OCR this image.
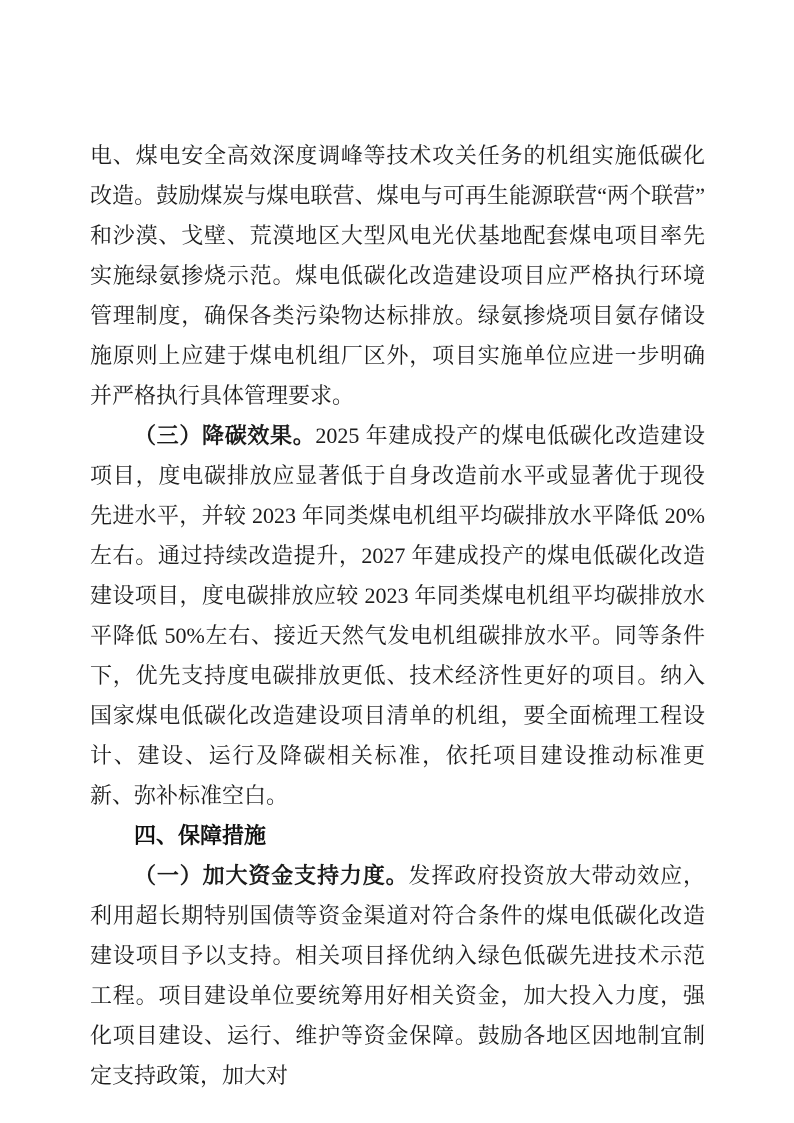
电、煤电安全高效深度调峰等技术攻关任务的机组实施低碳化改造。鼓励煤炭与煤电联营、煤电与可再生能源联营“两个联营”和沙漠、戈壁、荒漠地区大型风电光伏基地配套煤电项目率先实施绿氨掺烧示范。煤电低碳化改造建设项目应严格执行环境管理制度，确保各类污染物达标排放。绿氨掺烧项目氨存储设施原则上应建于煤电机组厂区外，项目实施单位应进一步明确并严格执行具体管理要求。

（三）降碳效果。2025 年建成投产的煤电低碳化改造建设项目，度电碳排放应显著低于自身改造前水平或显著优于现役先进水平，并较 2023 年同类煤电机组平均碳排放水平降低 20%左右。通过持续改造提升，2027 年建成投产的煤电低碳化改造建设项目，度电碳排放应较 2023 年同类煤电机组平均碳排放水平降低 50%左右、接近天然气发电机组碳排放水平。同等条件下，优先支持度电碳排放更低、技术经济性更好的项目。纳入国家煤电低碳化改造建设项目清单的机组，要全面梳理工程设计、建设、运行及降碳相关标准，依托项目建设推动标准更新、弥补标准空白。

四、保障措施

（一）加大资金支持力度。发挥政府投资放大带动效应，利用超长期特别国债等资金渠道对符合条件的煤电低碳化改造建设项目予以支持。相关项目择优纳入绿色低碳先进技术示范工程。项目建设单位要统筹用好相关资金，加大投入力度，强化项目建设、运行、维护等资金保障。鼓励各地区因地制宜制定支持政策，加大对
